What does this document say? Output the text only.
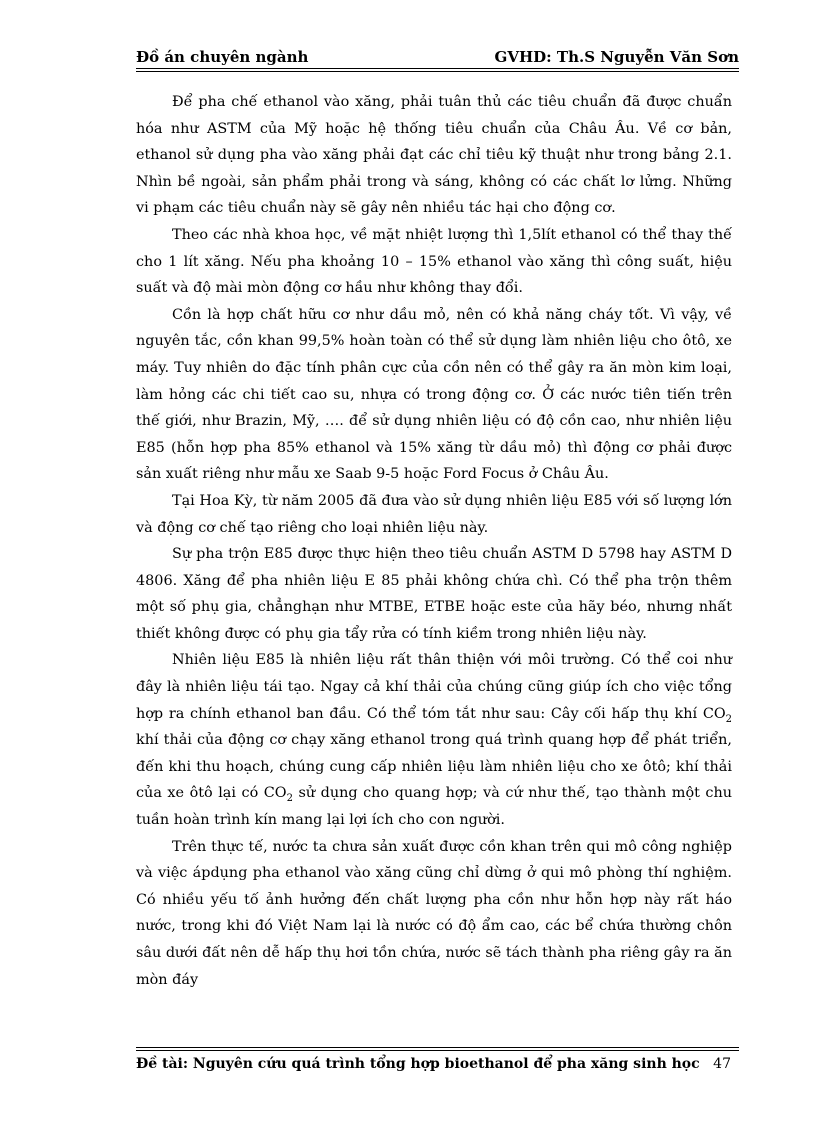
Đồ án chuyên ngành	GVHD: Th.S Nguyễn Văn Sơn

Để pha chế ethanol vào xăng, phải tuân thủ các tiêu chuẩn đã được chuẩn hóa như ASTM của Mỹ hoặc hệ thống tiêu chuẩn của Châu Âu. Về cơ bản, ethanol sử dụng pha vào xăng phải đạt các chỉ tiêu kỹ thuật như trong bảng 2.1. Nhìn bề ngoài, sản phẩm phải trong và sáng, không có các chất lơ lửng. Những vi phạm các tiêu chuẩn này sẽ gây nên nhiều tác hại cho động cơ.

Theo các nhà khoa học, về mặt nhiệt lượng thì 1,5lít ethanol có thể thay thế cho 1 lít xăng. Nếu pha khoảng 10 – 15% ethanol vào xăng thì công suất, hiệu suất và độ mài mòn động cơ hầu như không thay đổi.

Cồn là hợp chất hữu cơ như dầu mỏ, nên có khả năng cháy tốt. Vì vậy, về nguyên tắc, cồn khan 99,5% hoàn toàn có thể sử dụng làm nhiên liệu cho ôtô, xe máy. Tuy nhiên do đặc tính phân cực của cồn nên có thể gây ra ăn mòn kim loại, làm hỏng các chi tiết cao su, nhựa có trong động cơ. Ở các nước tiên tiến trên thế giới, như Brazin, Mỹ, …. để sử dụng nhiên liệu có độ cồn cao, như nhiên liệu E85 (hỗn hợp pha 85% ethanol và 15% xăng từ dầu mỏ) thì động cơ phải được sản xuất riêng như mẫu xe Saab 9-5 hoặc Ford Focus ở Châu Âu.

Tại Hoa Kỳ, từ năm 2005 đã đưa vào sử dụng nhiên liệu E85 với số lượng lớn và động cơ chế tạo riêng cho loại nhiên liệu này.

Sự pha trộn E85 được thực hiện theo tiêu chuẩn ASTM D 5798 hay ASTM D 4806. Xăng để pha nhiên liệu E 85 phải không chứa chì. Có thể pha trộn thêm một số phụ gia, chẳnghạn như MTBE, ETBE hoặc este của hãy béo, nhưng nhất thiết không được có phụ gia tẩy rửa có tính kiềm trong nhiên liệu này.

Nhiên liệu E85 là nhiên liệu rất thân thiện với môi trường. Có thể coi như đây là nhiên liệu tái tạo. Ngay cả khí thải của chúng cũng giúp ích cho việc tổng hợp ra chính ethanol ban đầu. Có thể tóm tắt như sau: Cây cối hấp thụ khí $CO_2$ khí thải của động cơ chạy xăng ethanol trong quá trình quang hợp để phát triển, đến khi thu hoạch, chúng cung cấp nhiên liệu làm nhiên liệu cho xe ôtô; khí thải của xe ôtô lại có $CO_2$ sử dụng cho quang hợp; và cứ như thế, tạo thành một chu tuần hoàn trình kín mang lại lợi ích cho con người.

Trên thực tế, nước ta chưa sản xuất được cồn khan trên qui mô công nghiệp và việc ápdụng pha ethanol vào xăng cũng chỉ dừng ở qui mô phòng thí nghiệm. Có nhiều yếu tố ảnh hưởng đến chất lượng pha cồn như hỗn hợp này rất háo nước, trong khi đó Việt Nam lại là nước có độ ẩm cao, các bể chứa thường chôn sâu dưới đất nên dễ hấp thụ hơi tồn chứa, nước sẽ tách thành pha riêng gây ra ăn mòn đáy

Đề tài: Nguyên cứu quá trình tổng hợp bioethanol để pha xăng sinh học 47
